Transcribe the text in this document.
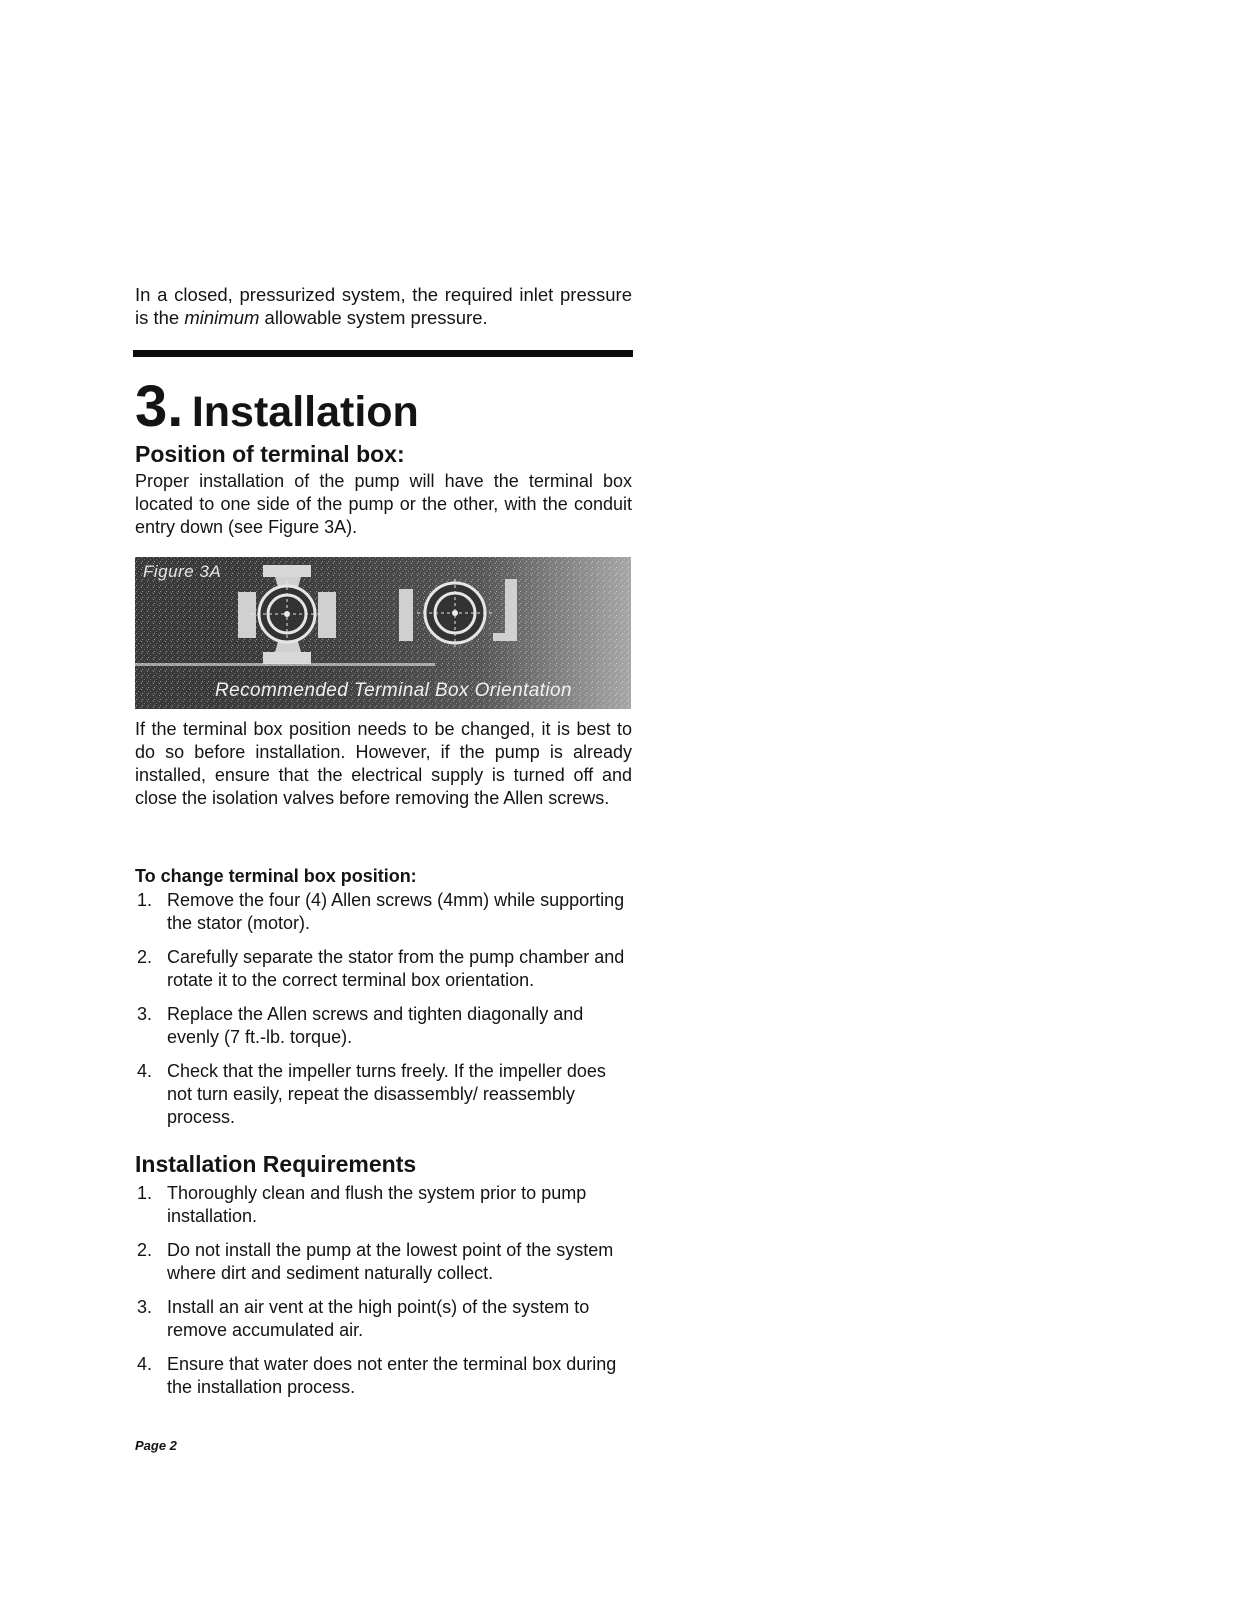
In a closed, pressurized system, the required inlet pressure is the minimum allowable system pressure.
3. Installation
Position of terminal box:

Proper installation of the pump will have the terminal box located to one side of the pump or the other, with the conduit entry down (see Figure 3A).

Figure 3A
Recommended Terminal Box Orientation

If the terminal box position needs to be changed, it is best to do so before installation. However, if the pump is already installed, ensure that the electrical supply is turned off and close the isolation valves before removing the Allen screws.

To change terminal box position:
1. Remove the four (4) Allen screws (4mm) while supporting the stator (motor).
2. Carefully separate the stator from the pump chamber and rotate it to the correct terminal box orientation.
3. Replace the Allen screws and tighten diagonally and evenly (7 ft.-lb. torque).
4. Check that the impeller turns freely. If the impeller does not turn easily, repeat the disassembly/ reassembly process.
Installation Requirements
1. Thoroughly clean and flush the system prior to pump installation.
2. Do not install the pump at the lowest point of the system where dirt and sediment naturally collect.
3. Install an air vent at the high point(s) of the system to remove accumulated air.
4. Ensure that water does not enter the terminal box during the installation process.
Page 2
